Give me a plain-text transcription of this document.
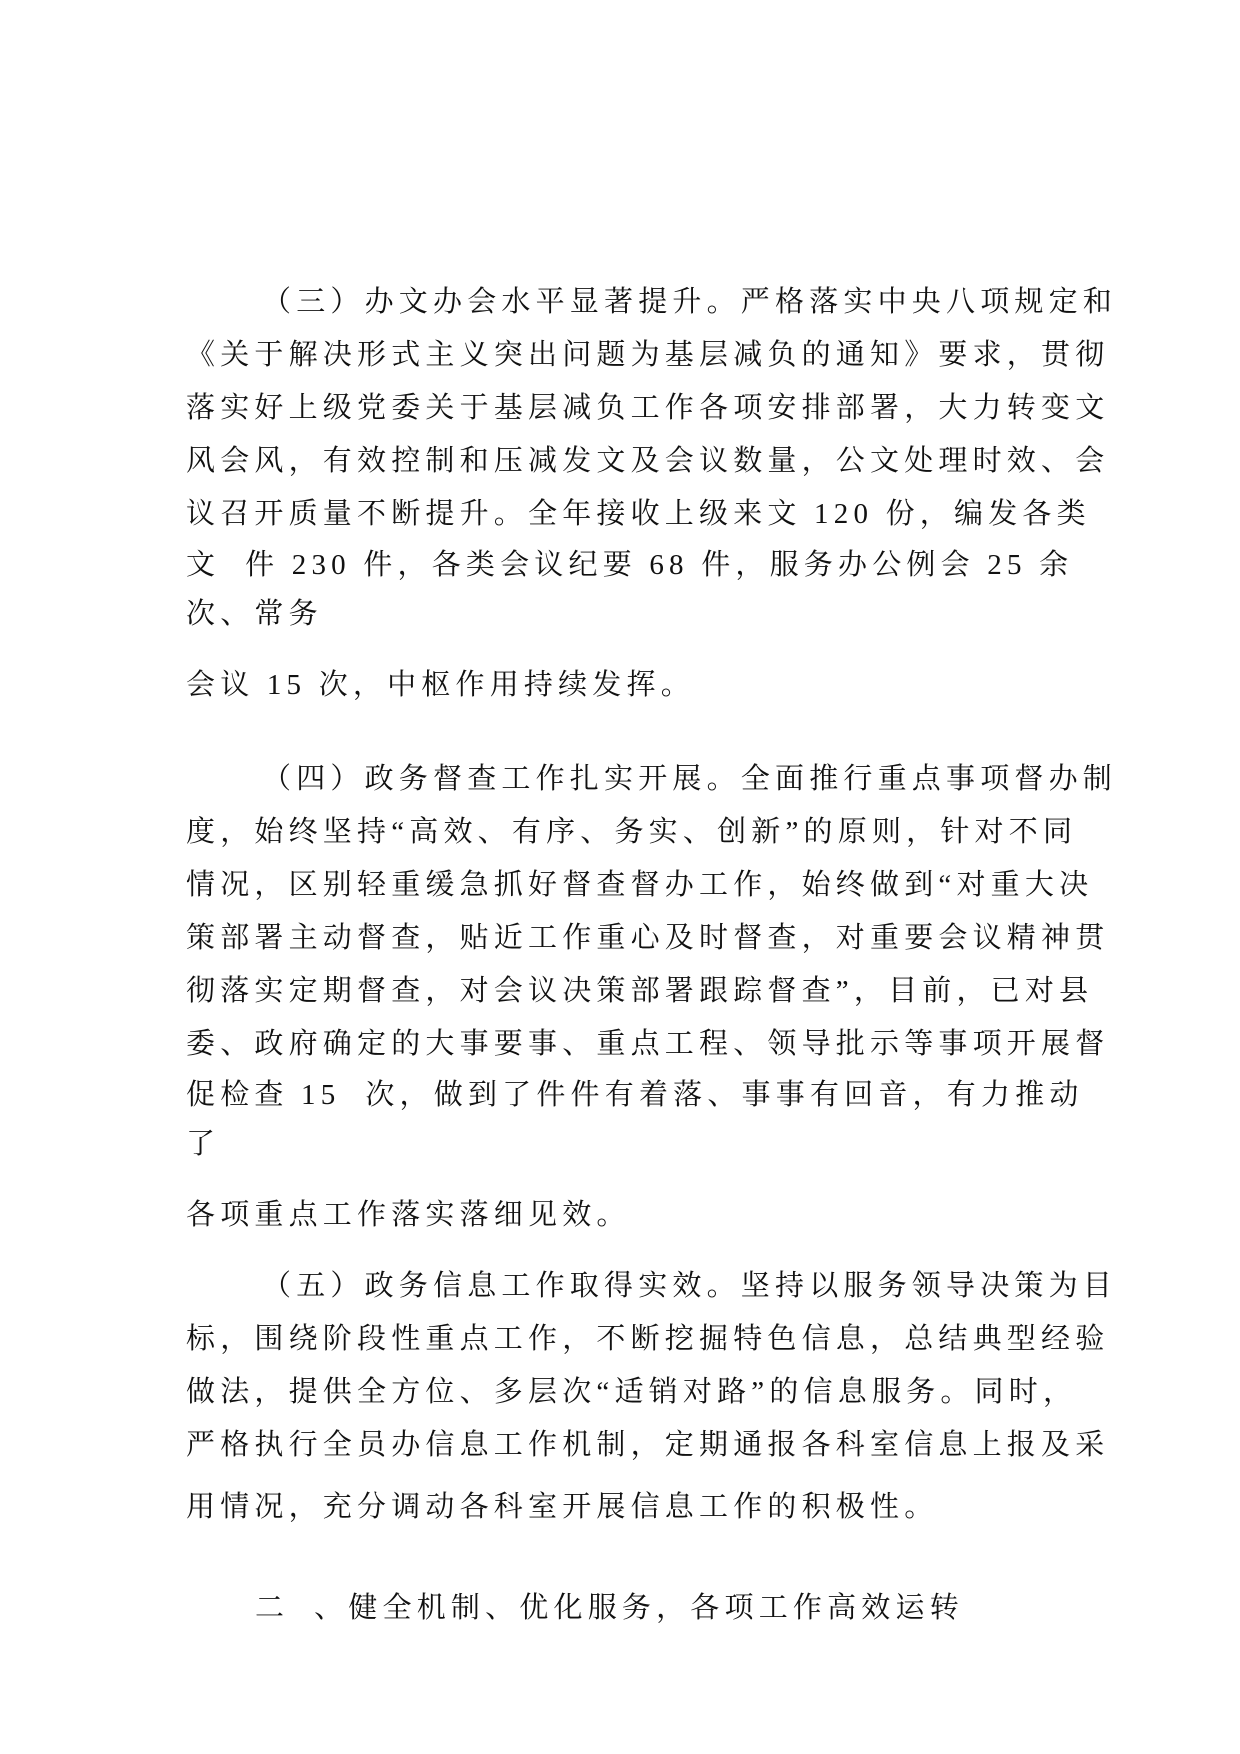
（三）办文办会水平显著提升。严格落实中央八项规定和
《关于解决形式主义突出问题为基层减负的通知》要求，贯彻
落实好上级党委关于基层减负工作各项安排部署，大力转变文
风会风，有效控制和压减发文及会议数量，公文处理时效、会
议召开质量不断提升。全年接收上级来文 120 份，编发各类
文  件 230 件，各类会议纪要 68 件，服务办公例会 25 余
次、常务
会议 15 次，中枢作用持续发挥。
（四）政务督查工作扎实开展。全面推行重点事项督办制
度，始终坚持“高效、有序、务实、创新”的原则，针对不同
情况，区别轻重缓急抓好督查督办工作，始终做到“对重大决
策部署主动督查，贴近工作重心及时督查，对重要会议精神贯
彻落实定期督查，对会议决策部署跟踪督查”，目前，已对县
委、政府确定的大事要事、重点工程、领导批示等事项开展督
促检查 15  次，做到了件件有着落、事事有回音，有力推动
了
各项重点工作落实落细见效。
（五）政务信息工作取得实效。坚持以服务领导决策为目
标，围绕阶段性重点工作，不断挖掘特色信息，总结典型经验
做法，提供全方位、多层次“适销对路”的信息服务。同时，
严格执行全员办信息工作机制，定期通报各科室信息上报及采
用情况，充分调动各科室开展信息工作的积极性。
二  、健全机制、优化服务，各项工作高效运转
